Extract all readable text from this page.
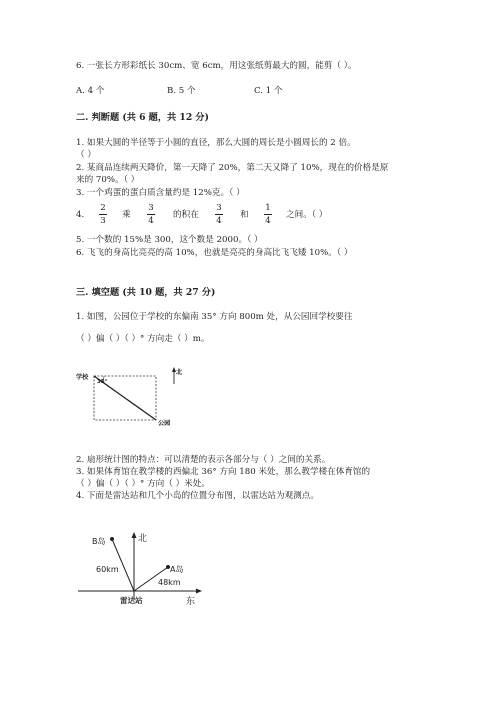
6. 一张长方形彩纸长 30cm、宽 6cm，用这张纸剪最大的圆，能剪（ ）。
A. 4 个	B. 5 个	C. 1 个
二. 判断题 (共 6 题，共 12 分)
1. 如果大圆的半径等于小圆的直径，那么大圆的周长是小圆周长的 2 倍。
（ ）
2. 某商品连续两天降价，第一天降了 20%，第二天又降了 10%，现在的价格是原
来的 70%。（ ）
3. 一个鸡蛋的蛋白质含量约是 12%克。（ ）
4.
2
3
乘
3
4
的积在
3
4
和
1
4
之间。（ ）
5. 一个数的 15%是 300，这个数是 2000。（ ）
6. 飞飞的身高比亮亮的高 10%，也就是亮亮的身高比飞飞矮 10%。（ ）
三. 填空题 (共 10 题，共 27 分)
1. 如图，公园位于学校的东偏南 35° 方向 800m 处，从公园回学校要往
（ ）偏（ ）（ ）° 方向走（ ）m。
学校
35°
公园
北
2. 扇形统计图的特点：可以清楚的表示各部分与（ ）之间的关系。
3. 如果体育馆在教学楼的西偏北 36° 方向 180 米处，那么教学楼在体育馆的
（ ）偏（ ）（ ）° 方向（ ）米处。
4. 下面是雷达站和几个小岛的位置分布图，以雷达站为观测点。
B岛	北
60km	A岛
48km
雷达站	东
